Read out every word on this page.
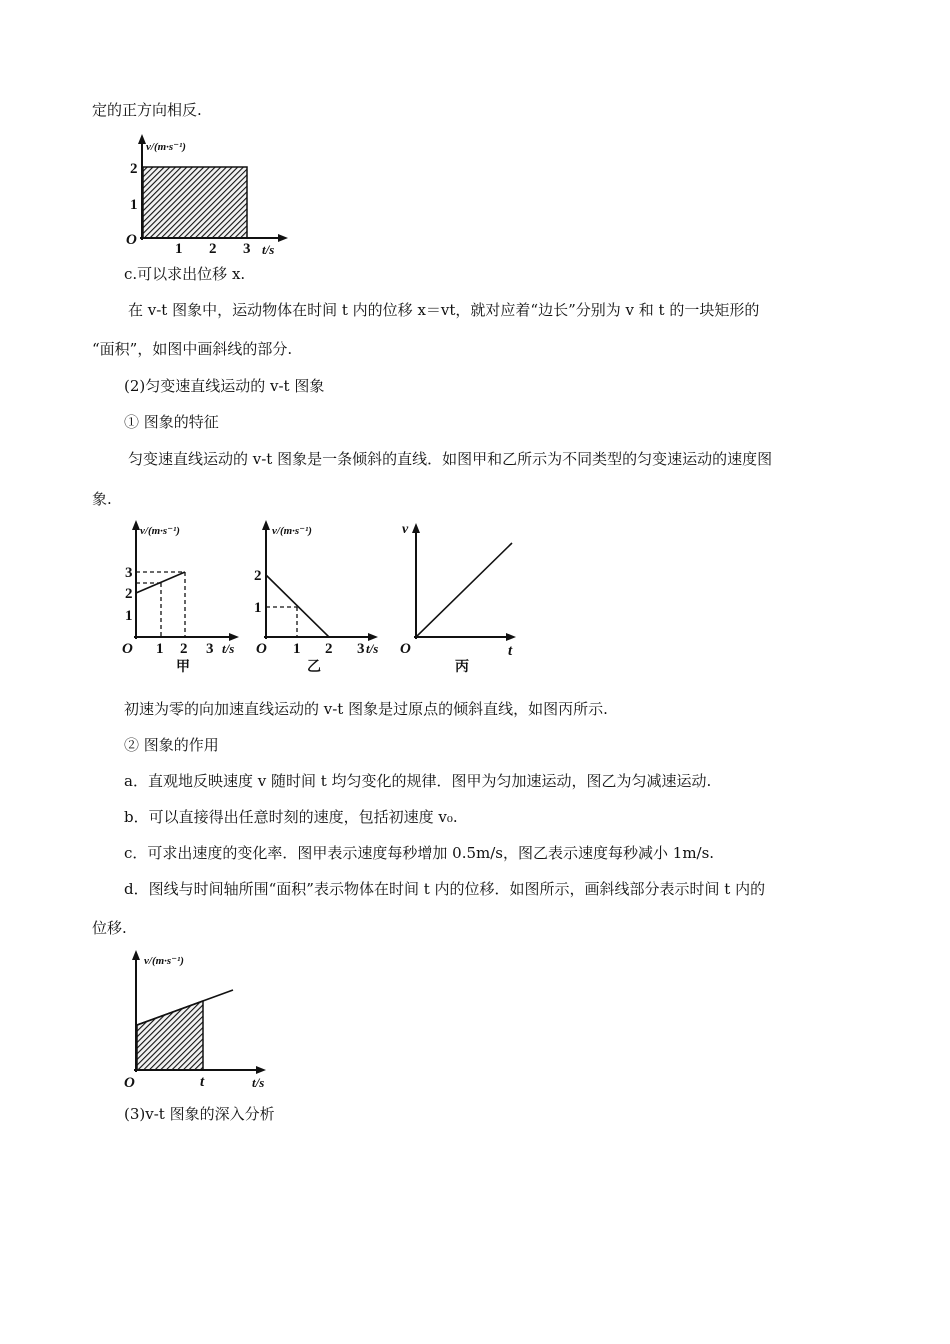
定的正方向相反.
v/(m·s⁻¹)
2
1
O
1 2 3 t/s
c.可以求出位移 x.
在 v-t 图象中，运动物体在时间 t 内的位移 x＝vt，就对应着“边长”分别为 v 和 t 的一块矩形的
“面积”，如图中画斜线的部分.
(2)匀变速直线运动的 v-t 图象
① 图象的特征
匀变速直线运动的 v-t 图象是一条倾斜的直线．如图甲和乙所示为不同类型的匀变速运动的速度图
象.
v/(m·s⁻¹)
3
2
1
O 1 2 3 t/s
甲
v/(m·s⁻¹)
2
1
O 1 2 3 t/s
乙
v
O	t
丙
初速为零的向加速直线运动的 v-t 图象是过原点的倾斜直线，如图丙所示.
② 图象的作用
a．直观地反映速度 v 随时间 t 均匀变化的规律．图甲为匀加速运动，图乙为匀减速运动.
b．可以直接得出任意时刻的速度，包括初速度 v₀.
c．可求出速度的变化率．图甲表示速度每秒增加 0.5m/s，图乙表示速度每秒减小 1m/s.
d．图线与时间轴所围“面积”表示物体在时间 t 内的位移．如图所示，画斜线部分表示时间 t 内的
位移.
v/(m·s⁻¹)
O	t	t/s
(3)v-t 图象的深入分析
